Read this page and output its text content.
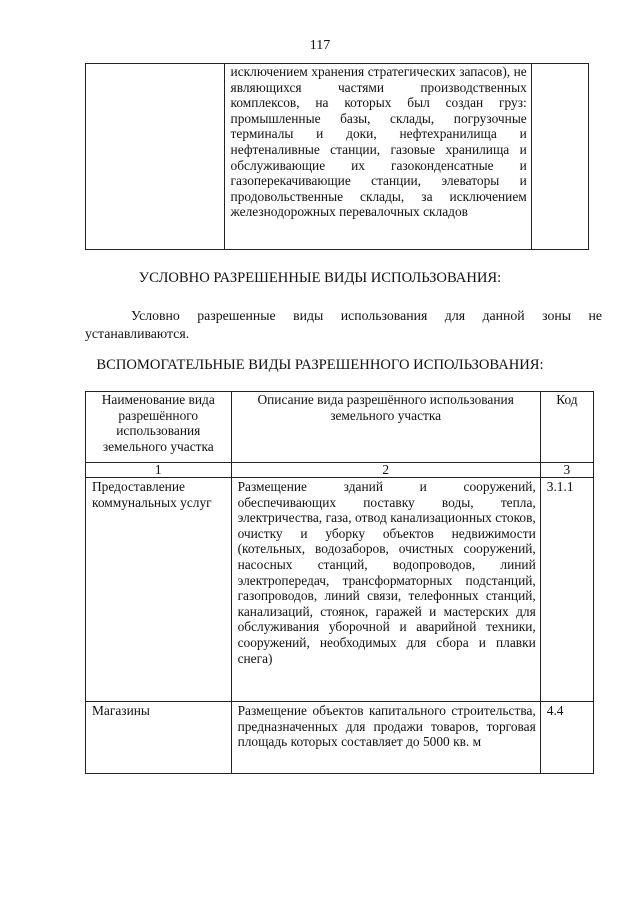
117

исключением хранения стратегических запасов), не являющихся частями производственных комплексов, на которых был создан груз: промышленные базы, склады, погрузочные терминалы и доки, нефтехранилища и нефтеналивные станции, газовые хранилища и обслуживающие их газоконденсатные и газоперекачивающие станции, элеваторы и продовольственные склады, за исключением железнодорожных перевалочных складов

УСЛОВНО РАЗРЕШЕННЫЕ ВИДЫ ИСПОЛЬЗОВАНИЯ:

Условно разрешенные виды использования для данной зоны не устанавливаются.

ВСПОМОГАТЕЛЬНЫЕ ВИДЫ РАЗРЕШЕННОГО ИСПОЛЬЗОВАНИЯ:
Наименование вида разрешённого использования земельного участка	Описание вида разрешённого использования земельного участка	Код
1	2	3
Предоставление коммунальных услуг	Размещение зданий и сооружений, обеспечивающих поставку воды, тепла, электричества, газа, отвод канализационных стоков, очистку и уборку объектов недвижимости (котельных, водозаборов, очистных сооружений, насосных станций, водопроводов, линий электропередач, трансформаторных подстанций, газопроводов, линий связи, телефонных станций, канализаций, стоянок, гаражей и мастерских для обслуживания уборочной и аварийной техники, сооружений, необходимых для сбора и плавки снега)	3.1.1
Магазины	Размещение объектов капитального строительства, предназначенных для продажи товаров, торговая площадь которых составляет до 5000 кв. м	4.4
